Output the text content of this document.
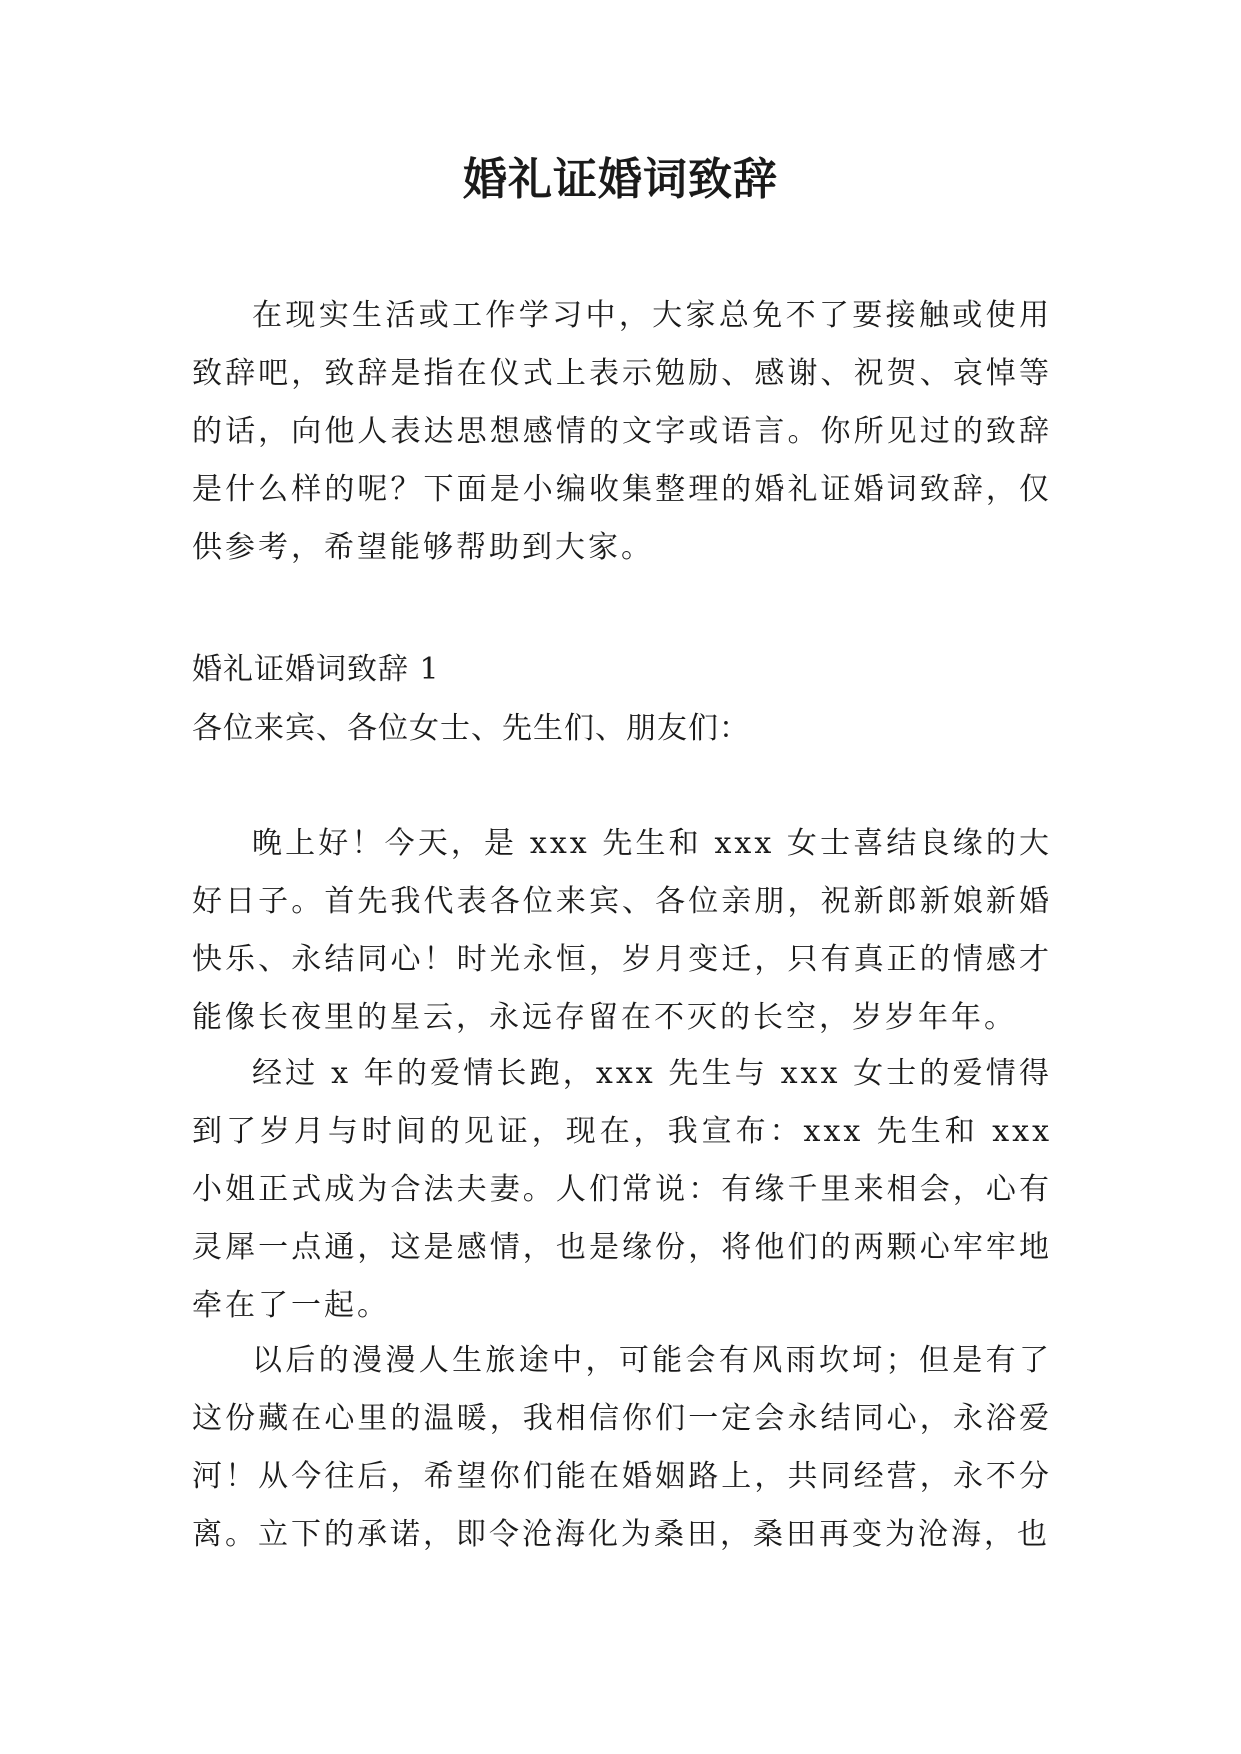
婚礼证婚词致辞

在现实生活或工作学习中，大家总免不了要接触或使用致辞吧，致辞是指在仪式上表示勉励、感谢、祝贺、哀悼等的话，向他人表达思想感情的文字或语言。你所见过的致辞是什么样的呢？下面是小编收集整理的婚礼证婚词致辞，仅供参考，希望能够帮助到大家。

婚礼证婚词致辞 1

各位来宾、各位女士、先生们、朋友们：

晚上好！今天，是 xxx 先生和 xxx 女士喜结良缘的大好日子。首先我代表各位来宾、各位亲朋，祝新郎新娘新婚快乐、永结同心！时光永恒，岁月变迁，只有真正的情感才能像长夜里的星云，永远存留在不灭的长空，岁岁年年。

经过 x 年的爱情长跑，xxx 先生与 xxx 女士的爱情得到了岁月与时间的见证，现在，我宣布：xxx 先生和 xxx 小姐正式成为合法夫妻。人们常说：有缘千里来相会，心有灵犀一点通，这是感情，也是缘份，将他们的两颗心牢牢地牵在了一起。

以后的漫漫人生旅途中，可能会有风雨坎坷；但是有了这份藏在心里的温暖，我相信你们一定会永结同心，永浴爱河！从今往后，希望你们能在婚姻路上，共同经营，永不分离。立下的承诺，即令沧海化为桑田，桑田再变为沧海，也
